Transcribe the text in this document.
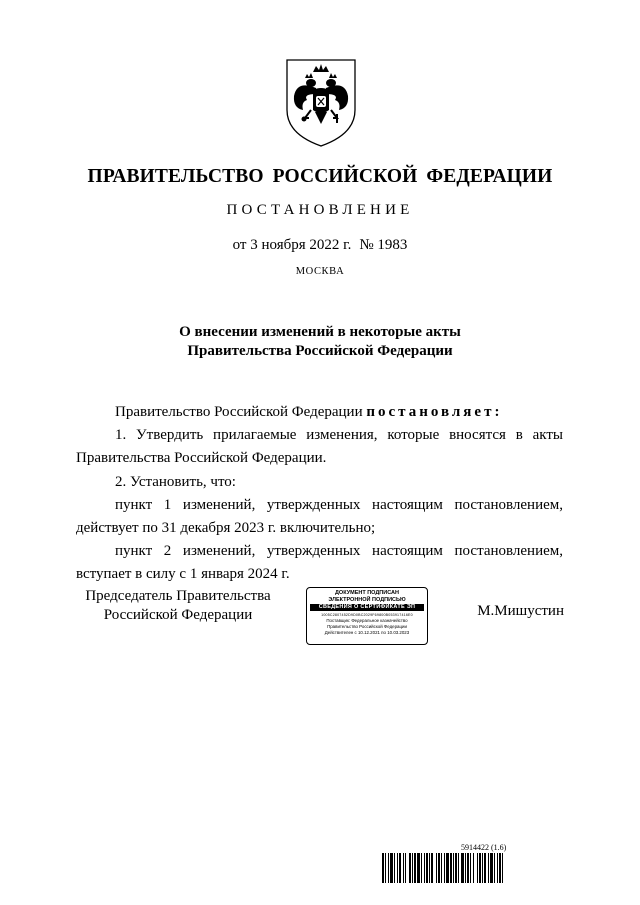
ПРАВИТЕЛЬСТВО РОССИЙСКОЙ ФЕДЕРАЦИИ
ПОСТАНОВЛЕНИЕ
от 3 ноября 2022 г. № 1983
МОСКВА
О внесении изменений в некоторые акты
Правительства Российской Федерации

Правительство Российской Федерации постановляет:

1. Утвердить прилагаемые изменения, которые вносятся в акты Правительства Российской Федерации.

2. Установить, что:

пункт 1 изменений, утвержденных настоящим постановлением, действует по 31 декабря 2023 г. включительно;

пункт 2 изменений, утвержденных настоящим постановлением, вступает в силу с 1 января 2024 г.

Председатель Правительства
Российской Федерации
ДОКУМЕНТ ПОДПИСАН
ЭЛЕКТРОННОЙ ПОДПИСЬЮ
СВЕДЕНИЯ О СЕРТИФИКАТЕ ЭП
1005C2807452D9D0BC2029F69800B053917416E0
Поставщик: Федеральное казначейство
Правительство Российской Федерации
Действителен с 10.12.2021 по 10.03.2023
М.Мишустин
5914422 (1.6)
